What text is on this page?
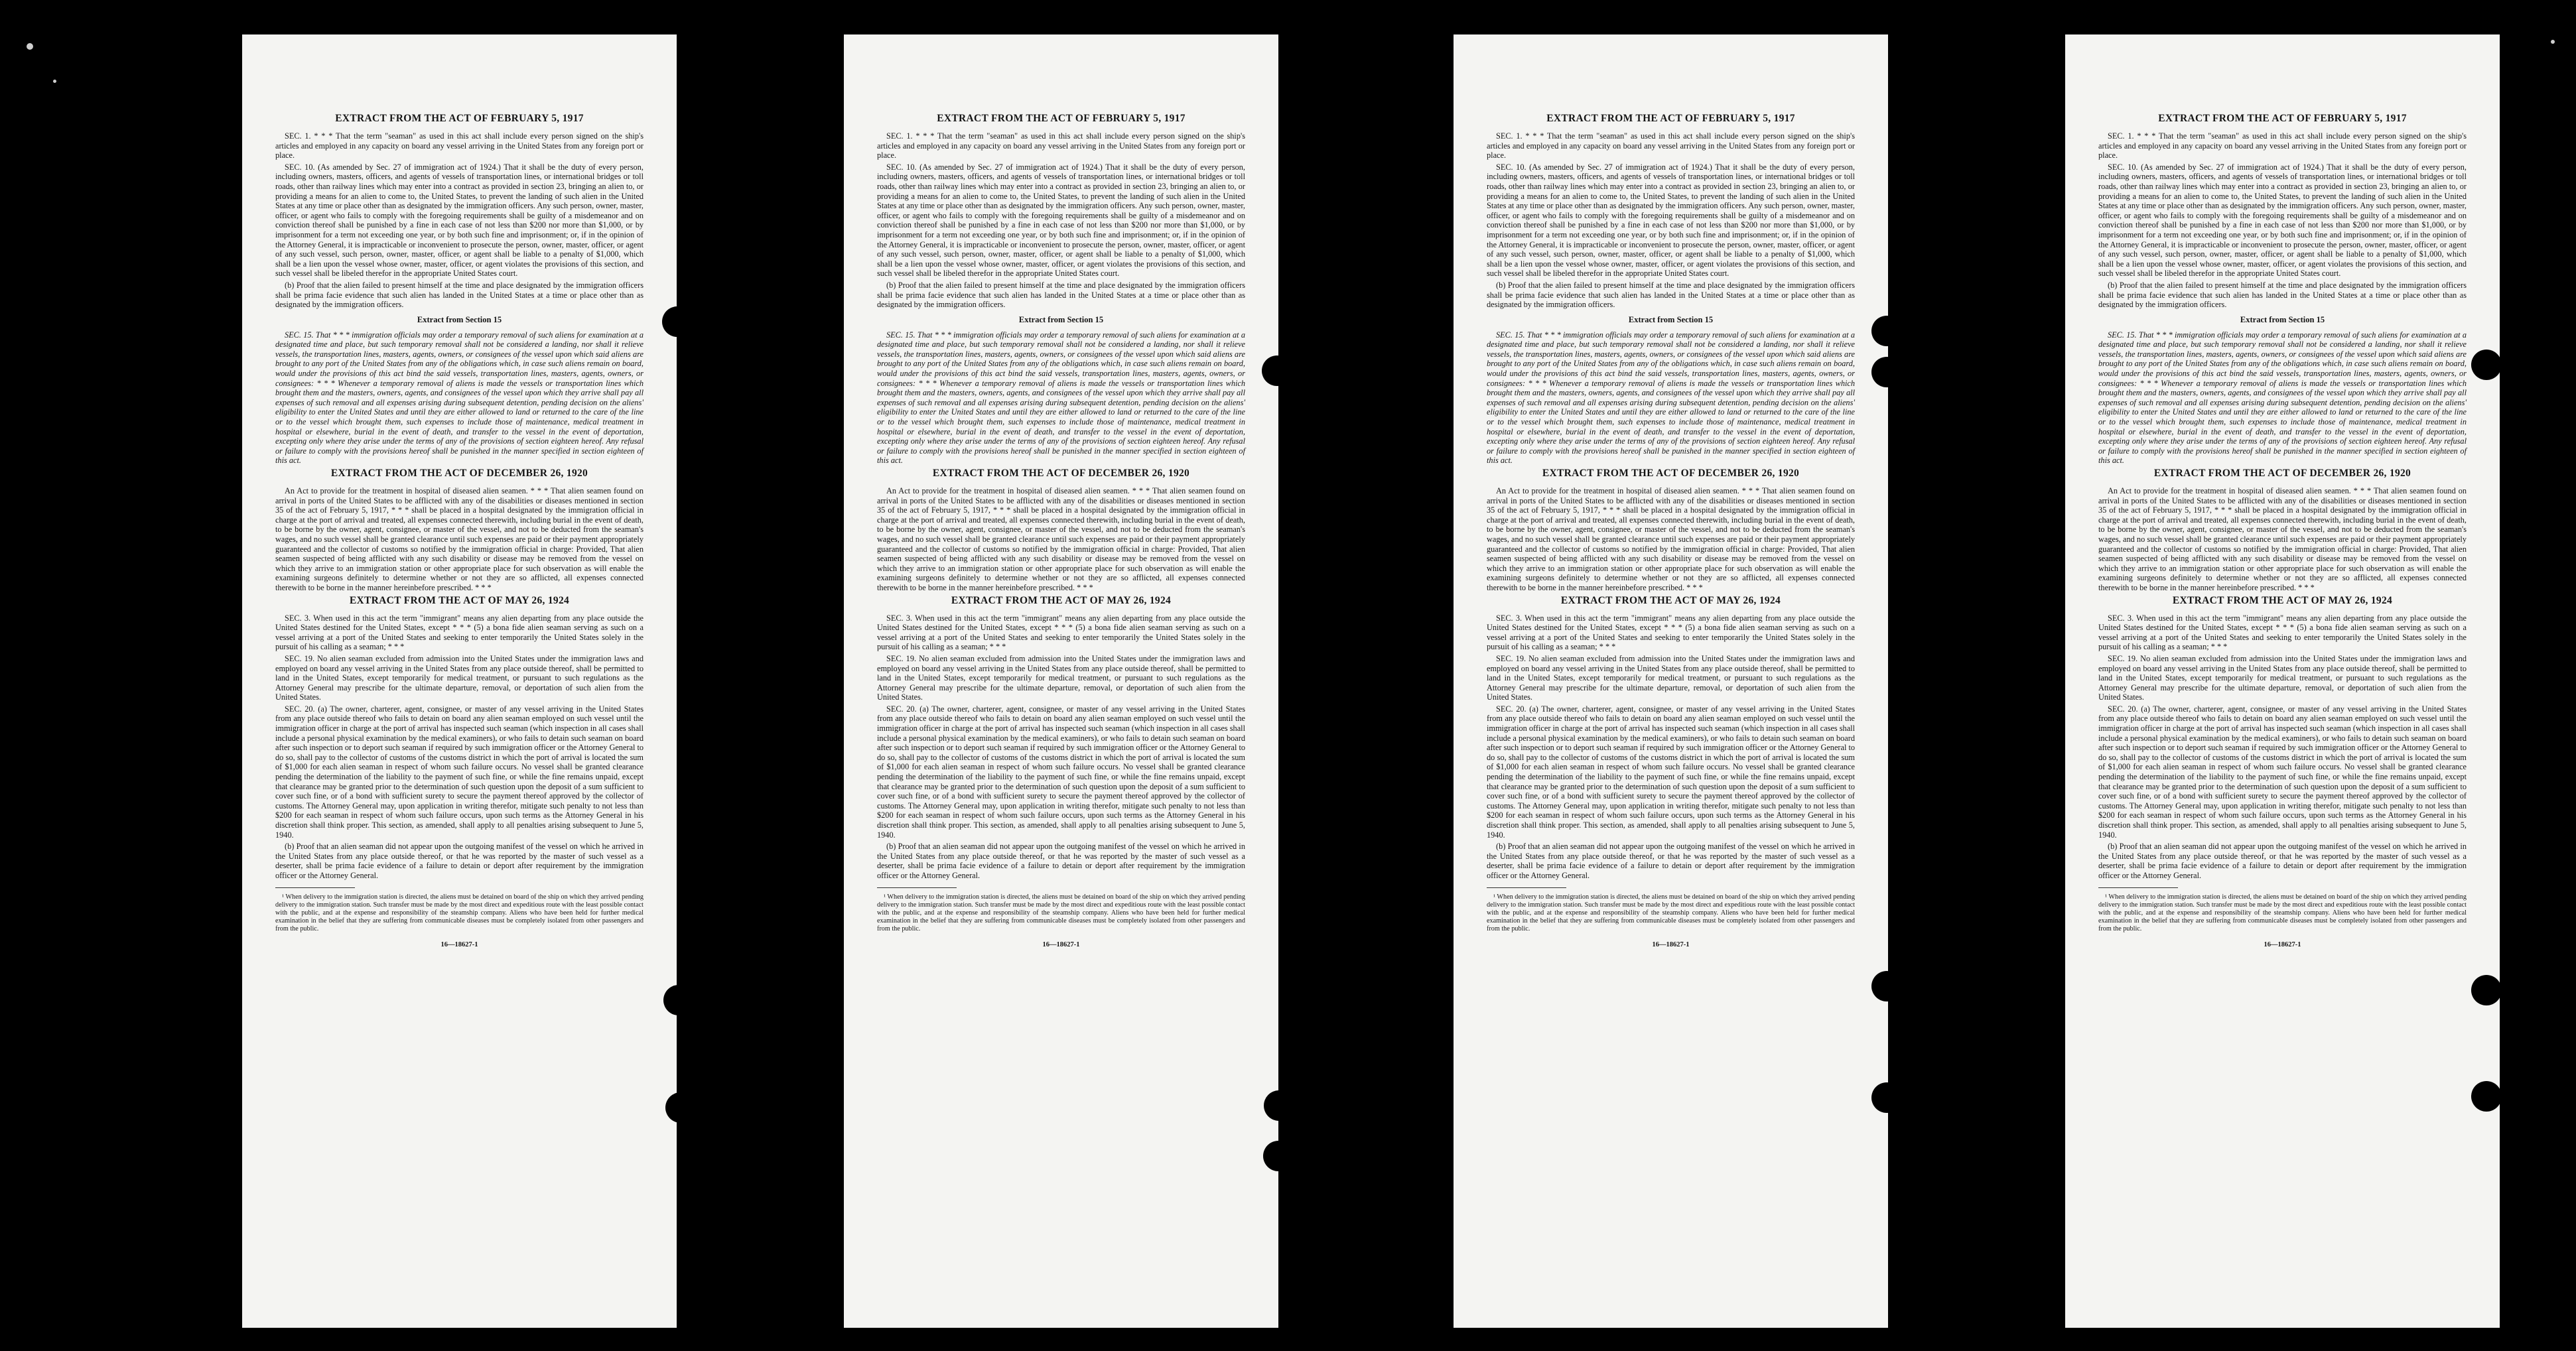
EXTRACT FROM THE ACT OF FEBRUARY 5, 1917

SEC. 1. * * * That the term "seaman" as used in this act shall include every person signed on the ship's articles and employed in any capacity on board any vessel arriving in the United States from any foreign port or place.

SEC. 10. (As amended by Sec. 27 of immigration act of 1924.) That it shall be the duty of every person, including owners, masters, officers, and agents of vessels of transportation lines, or international bridges or toll roads, other than railway lines which may enter into a contract as provided in section 23, bringing an alien to, or providing a means for an alien to come to, the United States, to prevent the landing of such alien in the United States at any time or place other than as designated by the immigration officers. Any such person, owner, master, officer, or agent who fails to comply with the foregoing requirements shall be guilty of a misdemeanor and on conviction thereof shall be punished by a fine in each case of not less than $200 nor more than $1,000, or by imprisonment for a term not exceeding one year, or by both such fine and imprisonment; or, if in the opinion of the Attorney General, it is impracticable or inconvenient to prosecute the person, owner, master, officer, or agent of any such vessel, such person, owner, master, officer, or agent shall be liable to a penalty of $1,000, which shall be a lien upon the vessel whose owner, master, officer, or agent violates the provisions of this section, and such vessel shall be libeled therefor in the appropriate United States court.

(b) Proof that the alien failed to present himself at the time and place designated by the immigration officers shall be prima facie evidence that such alien has landed in the United States at a time or place other than as designated by the immigration officers.

Extract from Section 15

SEC. 15. That * * * immigration officials may order a temporary removal of such aliens for examination at a designated time and place, but such temporary removal shall not be considered a landing, nor shall it relieve vessels, the transportation lines, masters, agents, owners, or consignees of the vessel upon which said aliens are brought to any port of the United States from any of the obligations which, in case such aliens remain on board, would under the provisions of this act bind the said vessels, transportation lines, masters, agents, owners, or consignees: * * * Whenever a temporary removal of aliens is made the vessels or transportation lines which brought them and the masters, owners, agents, and consignees of the vessel upon which they arrive shall pay all expenses of such removal and all expenses arising during subsequent detention, pending decision on the aliens' eligibility to enter the United States and until they are either allowed to land or returned to the care of the line or to the vessel which brought them, such expenses to include those of maintenance, medical treatment in hospital or elsewhere, burial in the event of death, and transfer to the vessel in the event of deportation, excepting only where they arise under the terms of any of the provisions of section eighteen hereof. Any refusal or failure to comply with the provisions hereof shall be punished in the manner specified in section eighteen of this act.

EXTRACT FROM THE ACT OF DECEMBER 26, 1920

An Act to provide for the treatment in hospital of diseased alien seamen. * * * That alien seamen found on arrival in ports of the United States to be afflicted with any of the disabilities or diseases mentioned in section 35 of the act of February 5, 1917, * * * shall be placed in a hospital designated by the immigration official in charge at the port of arrival and treated, all expenses connected therewith, including burial in the event of death, to be borne by the owner, agent, consignee, or master of the vessel, and not to be deducted from the seaman's wages, and no such vessel shall be granted clearance until such expenses are paid or their payment appropriately guaranteed and the collector of customs so notified by the immigration official in charge: Provided, That alien seamen suspected of being afflicted with any such disability or disease may be removed from the vessel on which they arrive to an immigration station or other appropriate place for such observation as will enable the examining surgeons definitely to determine whether or not they are so afflicted, all expenses connected therewith to be borne in the manner hereinbefore prescribed. * * *

EXTRACT FROM THE ACT OF MAY 26, 1924

SEC. 3. When used in this act the term "immigrant" means any alien departing from any place outside the United States destined for the United States, except * * * (5) a bona fide alien seaman serving as such on a vessel arriving at a port of the United States and seeking to enter temporarily the United States solely in the pursuit of his calling as a seaman; * * *

SEC. 19. No alien seaman excluded from admission into the United States under the immigration laws and employed on board any vessel arriving in the United States from any place outside thereof, shall be permitted to land in the United States, except temporarily for medical treatment, or pursuant to such regulations as the Attorney General may prescribe for the ultimate departure, removal, or deportation of such alien from the United States.

SEC. 20. (a) The owner, charterer, agent, consignee, or master of any vessel arriving in the United States from any place outside thereof who fails to detain on board any alien seaman employed on such vessel until the immigration officer in charge at the port of arrival has inspected such seaman (which inspection in all cases shall include a personal physical examination by the medical examiners), or who fails to detain such seaman on board after such inspection or to deport such seaman if required by such immigration officer or the Attorney General to do so, shall pay to the collector of customs of the customs district in which the port of arrival is located the sum of $1,000 for each alien seaman in respect of whom such failure occurs. No vessel shall be granted clearance pending the determination of the liability to the payment of such fine, or while the fine remains unpaid, except that clearance may be granted prior to the determination of such question upon the deposit of a sum sufficient to cover such fine, or of a bond with sufficient surety to secure the payment thereof approved by the collector of customs. The Attorney General may, upon application in writing therefor, mitigate such penalty to not less than $200 for each seaman in respect of whom such failure occurs, upon such terms as the Attorney General in his discretion shall think proper. This section, as amended, shall apply to all penalties arising subsequent to June 5, 1940.

(b) Proof that an alien seaman did not appear upon the outgoing manifest of the vessel on which he arrived in the United States from any place outside thereof, or that he was reported by the master of such vessel as a deserter, shall be prima facie evidence of a failure to detain or deport after requirement by the immigration officer or the Attorney General.

¹ When delivery to the immigration station is directed, the aliens must be detained on board of the ship on which they arrived pending delivery to the immigration station. Such transfer must be made by the most direct and expeditious route with the least possible contact with the public, and at the expense and responsibility of the steamship company. Aliens who have been held for further medical examination in the belief that they are suffering from communicable diseases must be completely isolated from other passengers and from the public.

16—18627-1
EXTRACT FROM THE ACT OF FEBRUARY 5, 1917

SEC. 1. * * * That the term "seaman" as used in this act shall include every person signed on the ship's articles and employed in any capacity on board any vessel arriving in the United States from any foreign port or place.

SEC. 10. (As amended by Sec. 27 of immigration act of 1924.) That it shall be the duty of every person, including owners, masters, officers, and agents of vessels of transportation lines, or international bridges or toll roads, other than railway lines which may enter into a contract as provided in section 23, bringing an alien to, or providing a means for an alien to come to, the United States, to prevent the landing of such alien in the United States at any time or place other than as designated by the immigration officers. Any such person, owner, master, officer, or agent who fails to comply with the foregoing requirements shall be guilty of a misdemeanor and on conviction thereof shall be punished by a fine in each case of not less than $200 nor more than $1,000, or by imprisonment for a term not exceeding one year, or by both such fine and imprisonment; or, if in the opinion of the Attorney General, it is impracticable or inconvenient to prosecute the person, owner, master, officer, or agent of any such vessel, such person, owner, master, officer, or agent shall be liable to a penalty of $1,000, which shall be a lien upon the vessel whose owner, master, officer, or agent violates the provisions of this section, and such vessel shall be libeled therefor in the appropriate United States court.

(b) Proof that the alien failed to present himself at the time and place designated by the immigration officers shall be prima facie evidence that such alien has landed in the United States at a time or place other than as designated by the immigration officers.

Extract from Section 15

SEC. 15. That * * * immigration officials may order a temporary removal of such aliens for examination at a designated time and place, but such temporary removal shall not be considered a landing, nor shall it relieve vessels, the transportation lines, masters, agents, owners, or consignees of the vessel upon which said aliens are brought to any port of the United States from any of the obligations which, in case such aliens remain on board, would under the provisions of this act bind the said vessels, transportation lines, masters, agents, owners, or consignees: * * * Whenever a temporary removal of aliens is made the vessels or transportation lines which brought them and the masters, owners, agents, and consignees of the vessel upon which they arrive shall pay all expenses of such removal and all expenses arising during subsequent detention, pending decision on the aliens' eligibility to enter the United States and until they are either allowed to land or returned to the care of the line or to the vessel which brought them, such expenses to include those of maintenance, medical treatment in hospital or elsewhere, burial in the event of death, and transfer to the vessel in the event of deportation, excepting only where they arise under the terms of any of the provisions of section eighteen hereof. Any refusal or failure to comply with the provisions hereof shall be punished in the manner specified in section eighteen of this act.

EXTRACT FROM THE ACT OF DECEMBER 26, 1920

An Act to provide for the treatment in hospital of diseased alien seamen. * * * That alien seamen found on arrival in ports of the United States to be afflicted with any of the disabilities or diseases mentioned in section 35 of the act of February 5, 1917, * * * shall be placed in a hospital designated by the immigration official in charge at the port of arrival and treated, all expenses connected therewith, including burial in the event of death, to be borne by the owner, agent, consignee, or master of the vessel, and not to be deducted from the seaman's wages, and no such vessel shall be granted clearance until such expenses are paid or their payment appropriately guaranteed and the collector of customs so notified by the immigration official in charge: Provided, That alien seamen suspected of being afflicted with any such disability or disease may be removed from the vessel on which they arrive to an immigration station or other appropriate place for such observation as will enable the examining surgeons definitely to determine whether or not they are so afflicted, all expenses connected therewith to be borne in the manner hereinbefore prescribed. * * *

EXTRACT FROM THE ACT OF MAY 26, 1924

SEC. 3. When used in this act the term "immigrant" means any alien departing from any place outside the United States destined for the United States, except * * * (5) a bona fide alien seaman serving as such on a vessel arriving at a port of the United States and seeking to enter temporarily the United States solely in the pursuit of his calling as a seaman; * * *

SEC. 19. No alien seaman excluded from admission into the United States under the immigration laws and employed on board any vessel arriving in the United States from any place outside thereof, shall be permitted to land in the United States, except temporarily for medical treatment, or pursuant to such regulations as the Attorney General may prescribe for the ultimate departure, removal, or deportation of such alien from the United States.

SEC. 20. (a) The owner, charterer, agent, consignee, or master of any vessel arriving in the United States from any place outside thereof who fails to detain on board any alien seaman employed on such vessel until the immigration officer in charge at the port of arrival has inspected such seaman (which inspection in all cases shall include a personal physical examination by the medical examiners), or who fails to detain such seaman on board after such inspection or to deport such seaman if required by such immigration officer or the Attorney General to do so, shall pay to the collector of customs of the customs district in which the port of arrival is located the sum of $1,000 for each alien seaman in respect of whom such failure occurs. No vessel shall be granted clearance pending the determination of the liability to the payment of such fine, or while the fine remains unpaid, except that clearance may be granted prior to the determination of such question upon the deposit of a sum sufficient to cover such fine, or of a bond with sufficient surety to secure the payment thereof approved by the collector of customs. The Attorney General may, upon application in writing therefor, mitigate such penalty to not less than $200 for each seaman in respect of whom such failure occurs, upon such terms as the Attorney General in his discretion shall think proper. This section, as amended, shall apply to all penalties arising subsequent to June 5, 1940.

(b) Proof that an alien seaman did not appear upon the outgoing manifest of the vessel on which he arrived in the United States from any place outside thereof, or that he was reported by the master of such vessel as a deserter, shall be prima facie evidence of a failure to detain or deport after requirement by the immigration officer or the Attorney General.

¹ When delivery to the immigration station is directed, the aliens must be detained on board of the ship on which they arrived pending delivery to the immigration station. Such transfer must be made by the most direct and expeditious route with the least possible contact with the public, and at the expense and responsibility of the steamship company. Aliens who have been held for further medical examination in the belief that they are suffering from communicable diseases must be completely isolated from other passengers and from the public.

16—18627-1
EXTRACT FROM THE ACT OF FEBRUARY 5, 1917

SEC. 1. * * * That the term "seaman" as used in this act shall include every person signed on the ship's articles and employed in any capacity on board any vessel arriving in the United States from any foreign port or place.

SEC. 10. (As amended by Sec. 27 of immigration act of 1924.) That it shall be the duty of every person, including owners, masters, officers, and agents of vessels of transportation lines, or international bridges or toll roads, other than railway lines which may enter into a contract as provided in section 23, bringing an alien to, or providing a means for an alien to come to, the United States, to prevent the landing of such alien in the United States at any time or place other than as designated by the immigration officers. Any such person, owner, master, officer, or agent who fails to comply with the foregoing requirements shall be guilty of a misdemeanor and on conviction thereof shall be punished by a fine in each case of not less than $200 nor more than $1,000, or by imprisonment for a term not exceeding one year, or by both such fine and imprisonment; or, if in the opinion of the Attorney General, it is impracticable or inconvenient to prosecute the person, owner, master, officer, or agent of any such vessel, such person, owner, master, officer, or agent shall be liable to a penalty of $1,000, which shall be a lien upon the vessel whose owner, master, officer, or agent violates the provisions of this section, and such vessel shall be libeled therefor in the appropriate United States court.

(b) Proof that the alien failed to present himself at the time and place designated by the immigration officers shall be prima facie evidence that such alien has landed in the United States at a time or place other than as designated by the immigration officers.

Extract from Section 15

SEC. 15. That * * * immigration officials may order a temporary removal of such aliens for examination at a designated time and place, but such temporary removal shall not be considered a landing, nor shall it relieve vessels, the transportation lines, masters, agents, owners, or consignees of the vessel upon which said aliens are brought to any port of the United States from any of the obligations which, in case such aliens remain on board, would under the provisions of this act bind the said vessels, transportation lines, masters, agents, owners, or consignees: * * * Whenever a temporary removal of aliens is made the vessels or transportation lines which brought them and the masters, owners, agents, and consignees of the vessel upon which they arrive shall pay all expenses of such removal and all expenses arising during subsequent detention, pending decision on the aliens' eligibility to enter the United States and until they are either allowed to land or returned to the care of the line or to the vessel which brought them, such expenses to include those of maintenance, medical treatment in hospital or elsewhere, burial in the event of death, and transfer to the vessel in the event of deportation, excepting only where they arise under the terms of any of the provisions of section eighteen hereof. Any refusal or failure to comply with the provisions hereof shall be punished in the manner specified in section eighteen of this act.

EXTRACT FROM THE ACT OF DECEMBER 26, 1920

An Act to provide for the treatment in hospital of diseased alien seamen. * * * That alien seamen found on arrival in ports of the United States to be afflicted with any of the disabilities or diseases mentioned in section 35 of the act of February 5, 1917, * * * shall be placed in a hospital designated by the immigration official in charge at the port of arrival and treated, all expenses connected therewith, including burial in the event of death, to be borne by the owner, agent, consignee, or master of the vessel, and not to be deducted from the seaman's wages, and no such vessel shall be granted clearance until such expenses are paid or their payment appropriately guaranteed and the collector of customs so notified by the immigration official in charge: Provided, That alien seamen suspected of being afflicted with any such disability or disease may be removed from the vessel on which they arrive to an immigration station or other appropriate place for such observation as will enable the examining surgeons definitely to determine whether or not they are so afflicted, all expenses connected therewith to be borne in the manner hereinbefore prescribed. * * *

EXTRACT FROM THE ACT OF MAY 26, 1924

SEC. 3. When used in this act the term "immigrant" means any alien departing from any place outside the United States destined for the United States, except * * * (5) a bona fide alien seaman serving as such on a vessel arriving at a port of the United States and seeking to enter temporarily the United States solely in the pursuit of his calling as a seaman; * * *

SEC. 19. No alien seaman excluded from admission into the United States under the immigration laws and employed on board any vessel arriving in the United States from any place outside thereof, shall be permitted to land in the United States, except temporarily for medical treatment, or pursuant to such regulations as the Attorney General may prescribe for the ultimate departure, removal, or deportation of such alien from the United States.

SEC. 20. (a) The owner, charterer, agent, consignee, or master of any vessel arriving in the United States from any place outside thereof who fails to detain on board any alien seaman employed on such vessel until the immigration officer in charge at the port of arrival has inspected such seaman (which inspection in all cases shall include a personal physical examination by the medical examiners), or who fails to detain such seaman on board after such inspection or to deport such seaman if required by such immigration officer or the Attorney General to do so, shall pay to the collector of customs of the customs district in which the port of arrival is located the sum of $1,000 for each alien seaman in respect of whom such failure occurs. No vessel shall be granted clearance pending the determination of the liability to the payment of such fine, or while the fine remains unpaid, except that clearance may be granted prior to the determination of such question upon the deposit of a sum sufficient to cover such fine, or of a bond with sufficient surety to secure the payment thereof approved by the collector of customs. The Attorney General may, upon application in writing therefor, mitigate such penalty to not less than $200 for each seaman in respect of whom such failure occurs, upon such terms as the Attorney General in his discretion shall think proper. This section, as amended, shall apply to all penalties arising subsequent to June 5, 1940.

(b) Proof that an alien seaman did not appear upon the outgoing manifest of the vessel on which he arrived in the United States from any place outside thereof, or that he was reported by the master of such vessel as a deserter, shall be prima facie evidence of a failure to detain or deport after requirement by the immigration officer or the Attorney General.

¹ When delivery to the immigration station is directed, the aliens must be detained on board of the ship on which they arrived pending delivery to the immigration station. Such transfer must be made by the most direct and expeditious route with the least possible contact with the public, and at the expense and responsibility of the steamship company. Aliens who have been held for further medical examination in the belief that they are suffering from communicable diseases must be completely isolated from other passengers and from the public.

16—18627-1
EXTRACT FROM THE ACT OF FEBRUARY 5, 1917

SEC. 1. * * * That the term "seaman" as used in this act shall include every person signed on the ship's articles and employed in any capacity on board any vessel arriving in the United States from any foreign port or place.

SEC. 10. (As amended by Sec. 27 of immigration act of 1924.) That it shall be the duty of every person, including owners, masters, officers, and agents of vessels of transportation lines, or international bridges or toll roads, other than railway lines which may enter into a contract as provided in section 23, bringing an alien to, or providing a means for an alien to come to, the United States, to prevent the landing of such alien in the United States at any time or place other than as designated by the immigration officers. Any such person, owner, master, officer, or agent who fails to comply with the foregoing requirements shall be guilty of a misdemeanor and on conviction thereof shall be punished by a fine in each case of not less than $200 nor more than $1,000, or by imprisonment for a term not exceeding one year, or by both such fine and imprisonment; or, if in the opinion of the Attorney General, it is impracticable or inconvenient to prosecute the person, owner, master, officer, or agent of any such vessel, such person, owner, master, officer, or agent shall be liable to a penalty of $1,000, which shall be a lien upon the vessel whose owner, master, officer, or agent violates the provisions of this section, and such vessel shall be libeled therefor in the appropriate United States court.

(b) Proof that the alien failed to present himself at the time and place designated by the immigration officers shall be prima facie evidence that such alien has landed in the United States at a time or place other than as designated by the immigration officers.

Extract from Section 15

SEC. 15. That * * * immigration officials may order a temporary removal of such aliens for examination at a designated time and place, but such temporary removal shall not be considered a landing, nor shall it relieve vessels, the transportation lines, masters, agents, owners, or consignees of the vessel upon which said aliens are brought to any port of the United States from any of the obligations which, in case such aliens remain on board, would under the provisions of this act bind the said vessels, transportation lines, masters, agents, owners, or consignees: * * * Whenever a temporary removal of aliens is made the vessels or transportation lines which brought them and the masters, owners, agents, and consignees of the vessel upon which they arrive shall pay all expenses of such removal and all expenses arising during subsequent detention, pending decision on the aliens' eligibility to enter the United States and until they are either allowed to land or returned to the care of the line or to the vessel which brought them, such expenses to include those of maintenance, medical treatment in hospital or elsewhere, burial in the event of death, and transfer to the vessel in the event of deportation, excepting only where they arise under the terms of any of the provisions of section eighteen hereof. Any refusal or failure to comply with the provisions hereof shall be punished in the manner specified in section eighteen of this act.

EXTRACT FROM THE ACT OF DECEMBER 26, 1920

An Act to provide for the treatment in hospital of diseased alien seamen. * * * That alien seamen found on arrival in ports of the United States to be afflicted with any of the disabilities or diseases mentioned in section 35 of the act of February 5, 1917, * * * shall be placed in a hospital designated by the immigration official in charge at the port of arrival and treated, all expenses connected therewith, including burial in the event of death, to be borne by the owner, agent, consignee, or master of the vessel, and not to be deducted from the seaman's wages, and no such vessel shall be granted clearance until such expenses are paid or their payment appropriately guaranteed and the collector of customs so notified by the immigration official in charge: Provided, That alien seamen suspected of being afflicted with any such disability or disease may be removed from the vessel on which they arrive to an immigration station or other appropriate place for such observation as will enable the examining surgeons definitely to determine whether or not they are so afflicted, all expenses connected therewith to be borne in the manner hereinbefore prescribed. * * *

EXTRACT FROM THE ACT OF MAY 26, 1924

SEC. 3. When used in this act the term "immigrant" means any alien departing from any place outside the United States destined for the United States, except * * * (5) a bona fide alien seaman serving as such on a vessel arriving at a port of the United States and seeking to enter temporarily the United States solely in the pursuit of his calling as a seaman; * * *

SEC. 19. No alien seaman excluded from admission into the United States under the immigration laws and employed on board any vessel arriving in the United States from any place outside thereof, shall be permitted to land in the United States, except temporarily for medical treatment, or pursuant to such regulations as the Attorney General may prescribe for the ultimate departure, removal, or deportation of such alien from the United States.

SEC. 20. (a) The owner, charterer, agent, consignee, or master of any vessel arriving in the United States from any place outside thereof who fails to detain on board any alien seaman employed on such vessel until the immigration officer in charge at the port of arrival has inspected such seaman (which inspection in all cases shall include a personal physical examination by the medical examiners), or who fails to detain such seaman on board after such inspection or to deport such seaman if required by such immigration officer or the Attorney General to do so, shall pay to the collector of customs of the customs district in which the port of arrival is located the sum of $1,000 for each alien seaman in respect of whom such failure occurs. No vessel shall be granted clearance pending the determination of the liability to the payment of such fine, or while the fine remains unpaid, except that clearance may be granted prior to the determination of such question upon the deposit of a sum sufficient to cover such fine, or of a bond with sufficient surety to secure the payment thereof approved by the collector of customs. The Attorney General may, upon application in writing therefor, mitigate such penalty to not less than $200 for each seaman in respect of whom such failure occurs, upon such terms as the Attorney General in his discretion shall think proper. This section, as amended, shall apply to all penalties arising subsequent to June 5, 1940.

(b) Proof that an alien seaman did not appear upon the outgoing manifest of the vessel on which he arrived in the United States from any place outside thereof, or that he was reported by the master of such vessel as a deserter, shall be prima facie evidence of a failure to detain or deport after requirement by the immigration officer or the Attorney General.

¹ When delivery to the immigration station is directed, the aliens must be detained on board of the ship on which they arrived pending delivery to the immigration station. Such transfer must be made by the most direct and expeditious route with the least possible contact with the public, and at the expense and responsibility of the steamship company. Aliens who have been held for further medical examination in the belief that they are suffering from communicable diseases must be completely isolated from other passengers and from the public.

16—18627-1
